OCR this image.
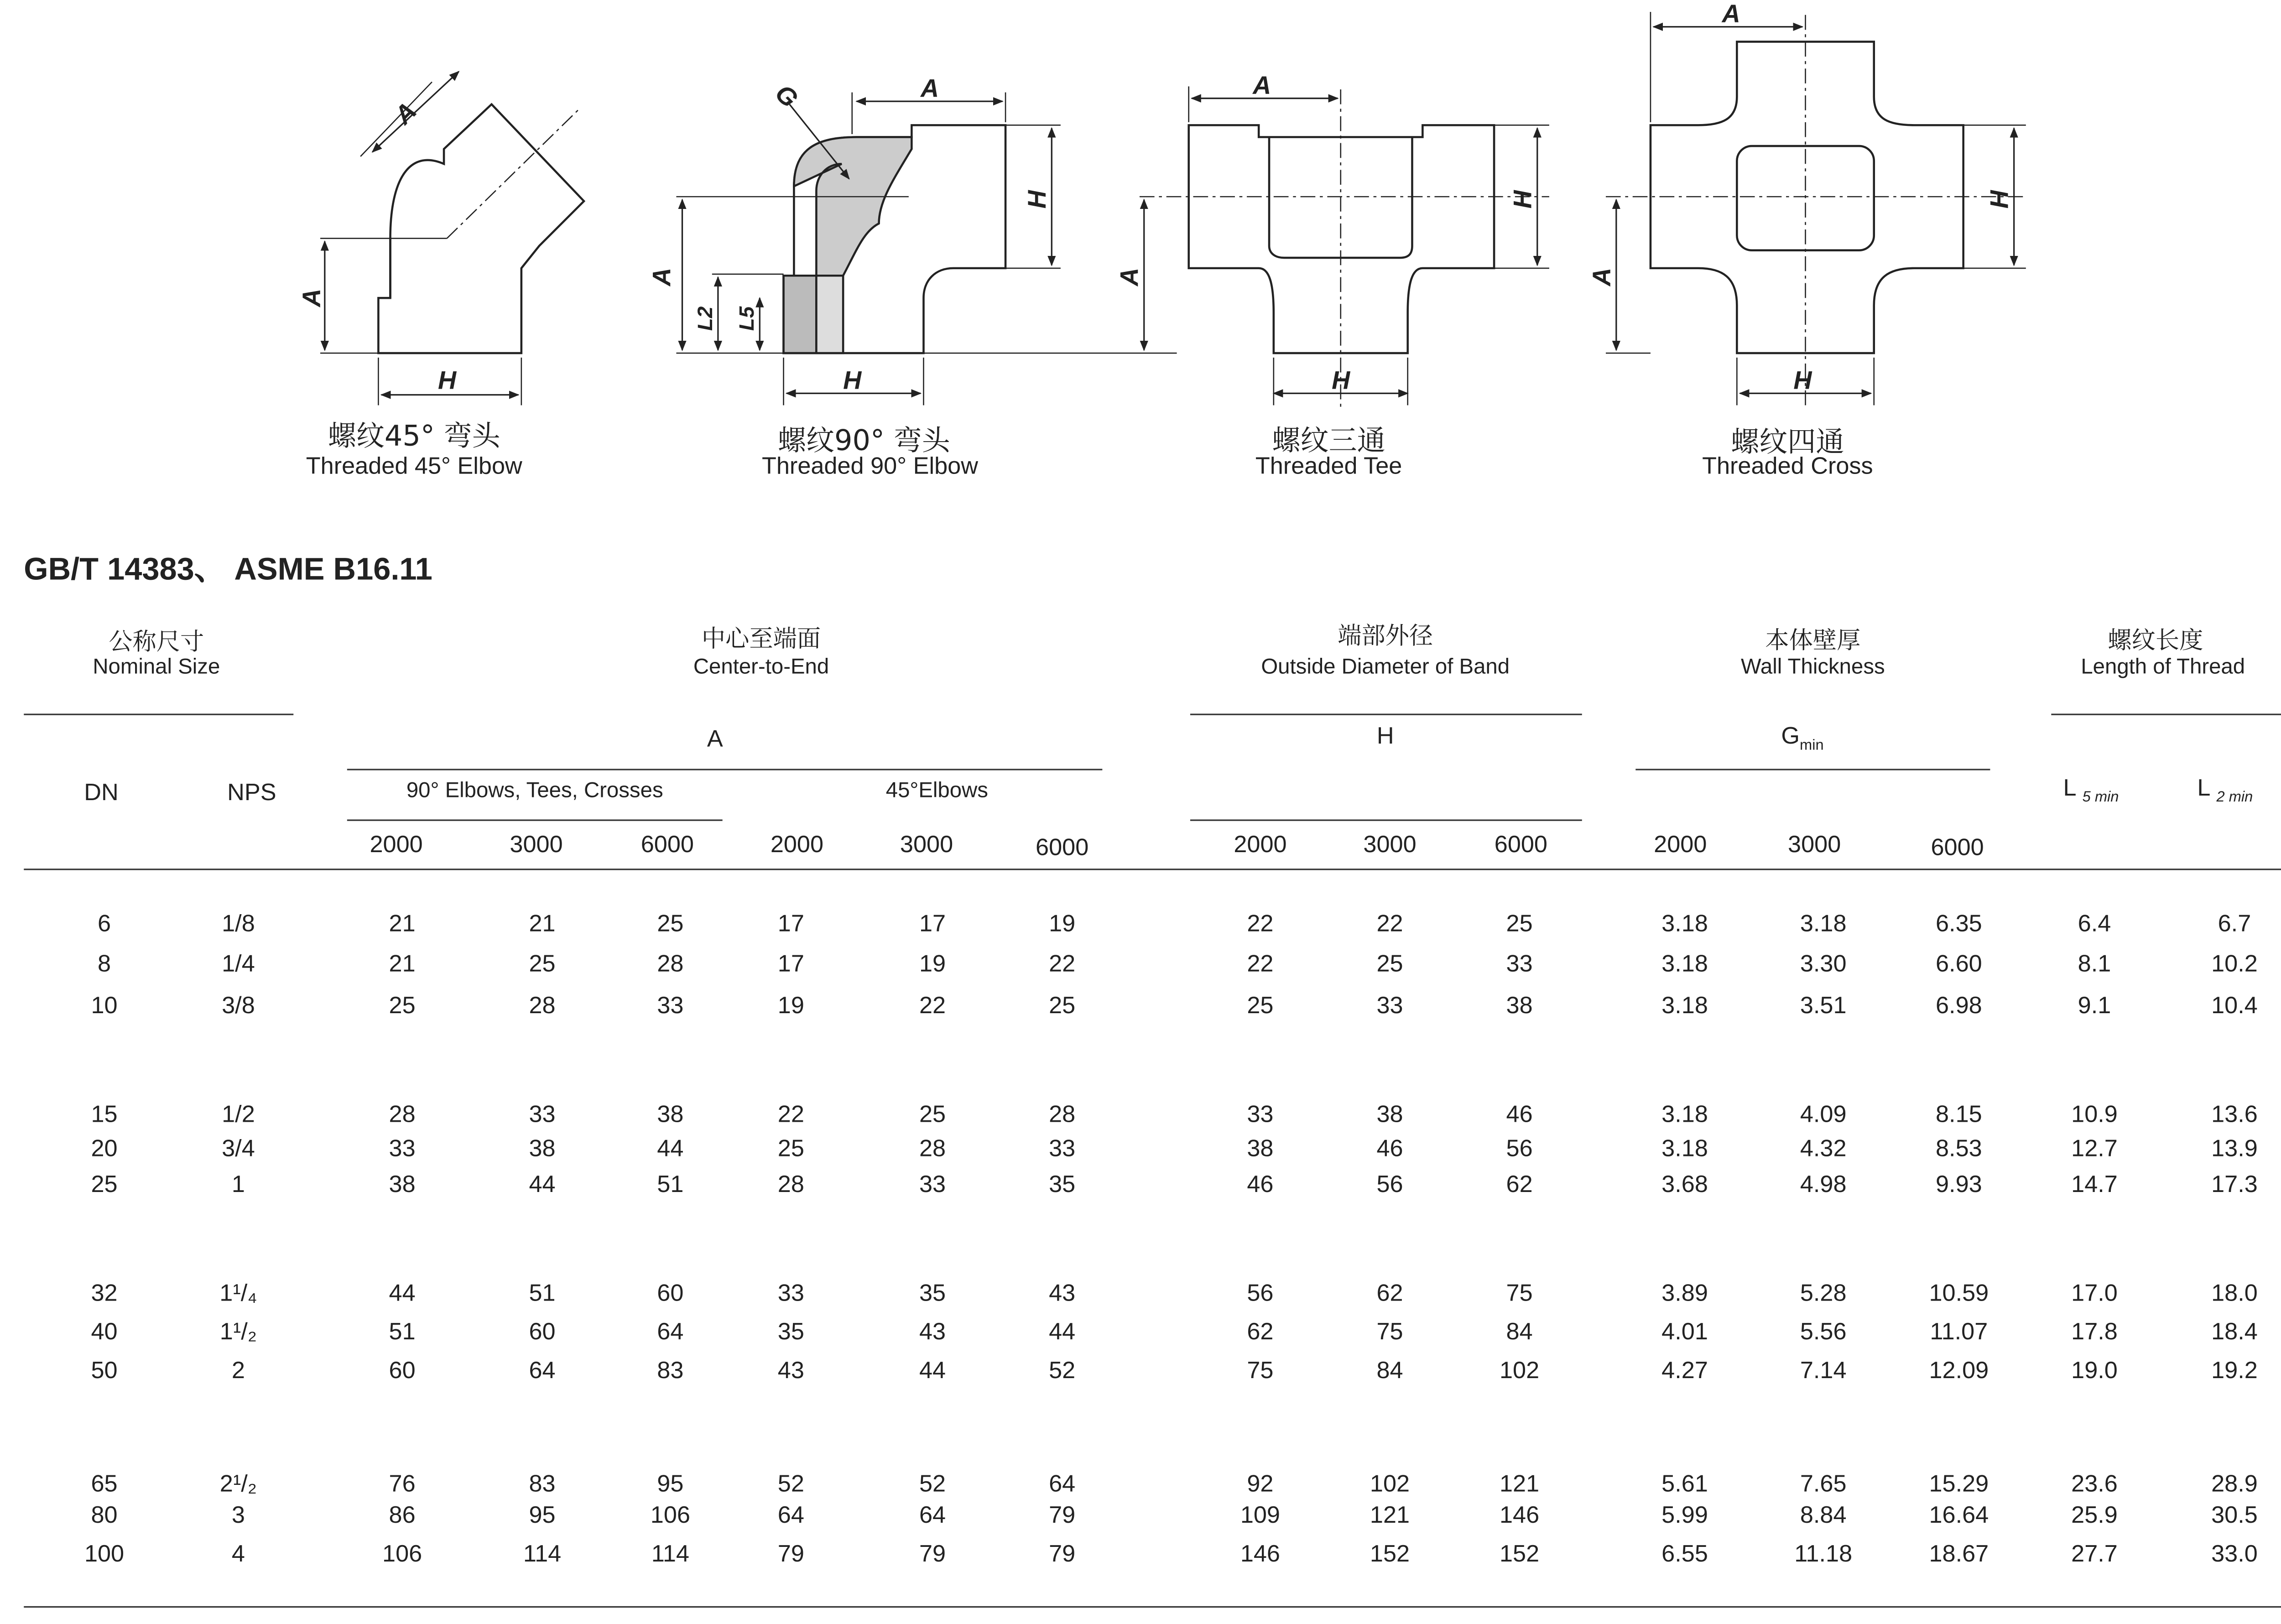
A
A
H
G	A
H
A
L2	L5
H
A
H
A
H
A
H
A
H
螺纹45° 弯头
Threaded 45° Elbow
螺纹90° 弯头
Threaded 90° Elbow
螺纹三通
Threaded Tee
螺纹四通
Threaded Cross
GB/T 14383、 ASME B16.11
公称尺寸
Nominal Size
中心至端面
Center-to-End
端部外径
Outside Diameter of Band
本体壁厚
Wall Thickness
螺纹长度
Length of Thread
A	H	$G_{min}$
DN	NPS	90° Elbows, Tees, Crosses	45°Elbows	L $_{5 min}$	L $_{2 min}$
2000	3000	6000	2000	3000	6000	2000	3000	6000	2000	3000	6000
6	1/8	21	21	25	17	17	19	22	22	25	3.18	3.18	6.35	6.4	6.7
8	1/4	21	25	28	17	19	22	22	25	33	3.18	3.30	6.60	8.1	10.2
10	3/8	25	28	33	19	22	25	25	33	38	3.18	3.51	6.98	9.1	10.4
15	1/2	28	33	38	22	25	28	33	38	46	3.18	4.09	8.15	10.9	13.6
20	3/4	33	38	44	25	28	33	38	46	56	3.18	4.32	8.53	12.7	13.9
25	1	38	44	51	28	33	35	46	56	62	3.68	4.98	9.93	14.7	17.3
32	1¹/₄	44	51	60	33	35	43	56	62	75	3.89	5.28	10.59	17.0	18.0
40	1¹/₂	51	60	64	35	43	44	62	75	84	4.01	5.56	11.07	17.8	18.4
50	2	60	64	83	43	44	52	75	84	102	4.27	7.14	12.09	19.0	19.2
65	2¹/₂	76	83	95	52	52	64	92	102	121	5.61	7.65	15.29	23.6	28.9
80	3	86	95	106	64	64	79	109	121	146	5.99	8.84	16.64	25.9	30.5
100	4	106	114	114	79	79	79	146	152	152	6.55	11.18	18.67	27.7	33.0
